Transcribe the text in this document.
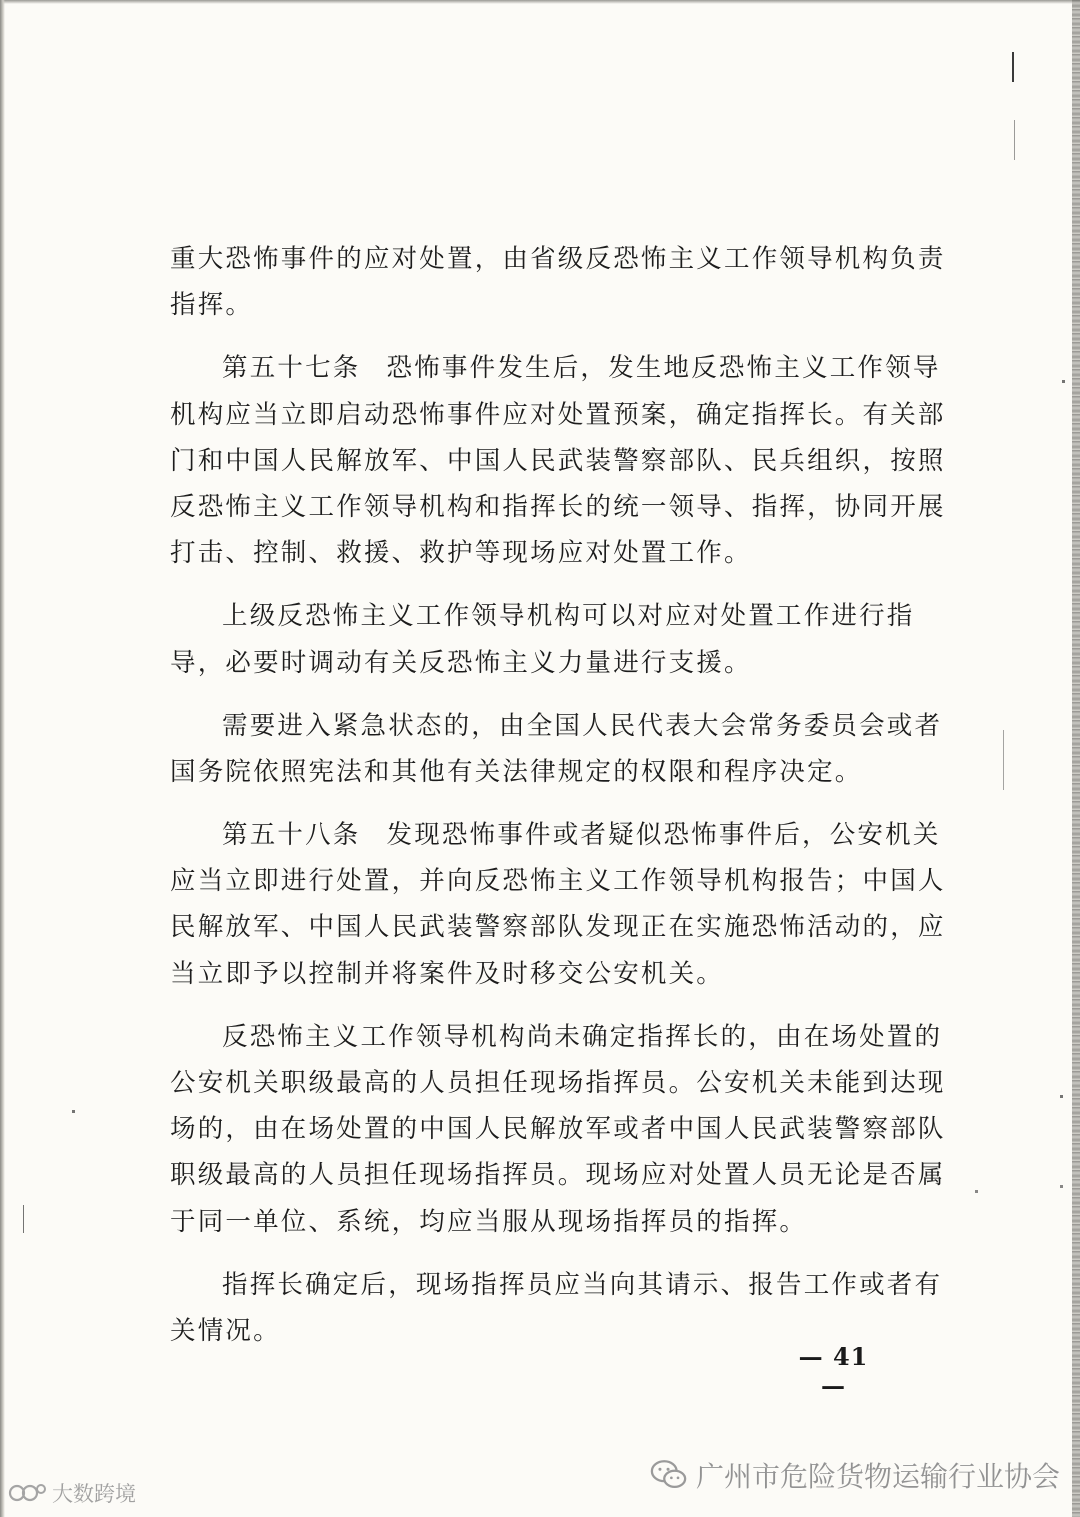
重大恐怖事件的应对处置，由省级反恐怖主义工作领导机构负责
指挥。
第五十七条 恐怖事件发生后，发生地反恐怖主义工作领导
机构应当立即启动恐怖事件应对处置预案，确定指挥长。有关部
门和中国人民解放军、中国人民武装警察部队、民兵组织，按照
反恐怖主义工作领导机构和指挥长的统一领导、指挥，协同开展
打击、控制、救援、救护等现场应对处置工作。
上级反恐怖主义工作领导机构可以对应对处置工作进行指
导，必要时调动有关反恐怖主义力量进行支援。
需要进入紧急状态的，由全国人民代表大会常务委员会或者
国务院依照宪法和其他有关法律规定的权限和程序决定。
第五十八条 发现恐怖事件或者疑似恐怖事件后，公安机关
应当立即进行处置，并向反恐怖主义工作领导机构报告；中国人
民解放军、中国人民武装警察部队发现正在实施恐怖活动的，应
当立即予以控制并将案件及时移交公安机关。
反恐怖主义工作领导机构尚未确定指挥长的，由在场处置的
公安机关职级最高的人员担任现场指挥员。公安机关未能到达现
场的，由在场处置的中国人民解放军或者中国人民武装警察部队
职级最高的人员担任现场指挥员。现场应对处置人员无论是否属
于同一单位、系统，均应当服从现场指挥员的指挥。
指挥长确定后，现场指挥员应当向其请示、报告工作或者有
关情况。
— 41 —
广州市危险货物运输行业协会
大数跨境
